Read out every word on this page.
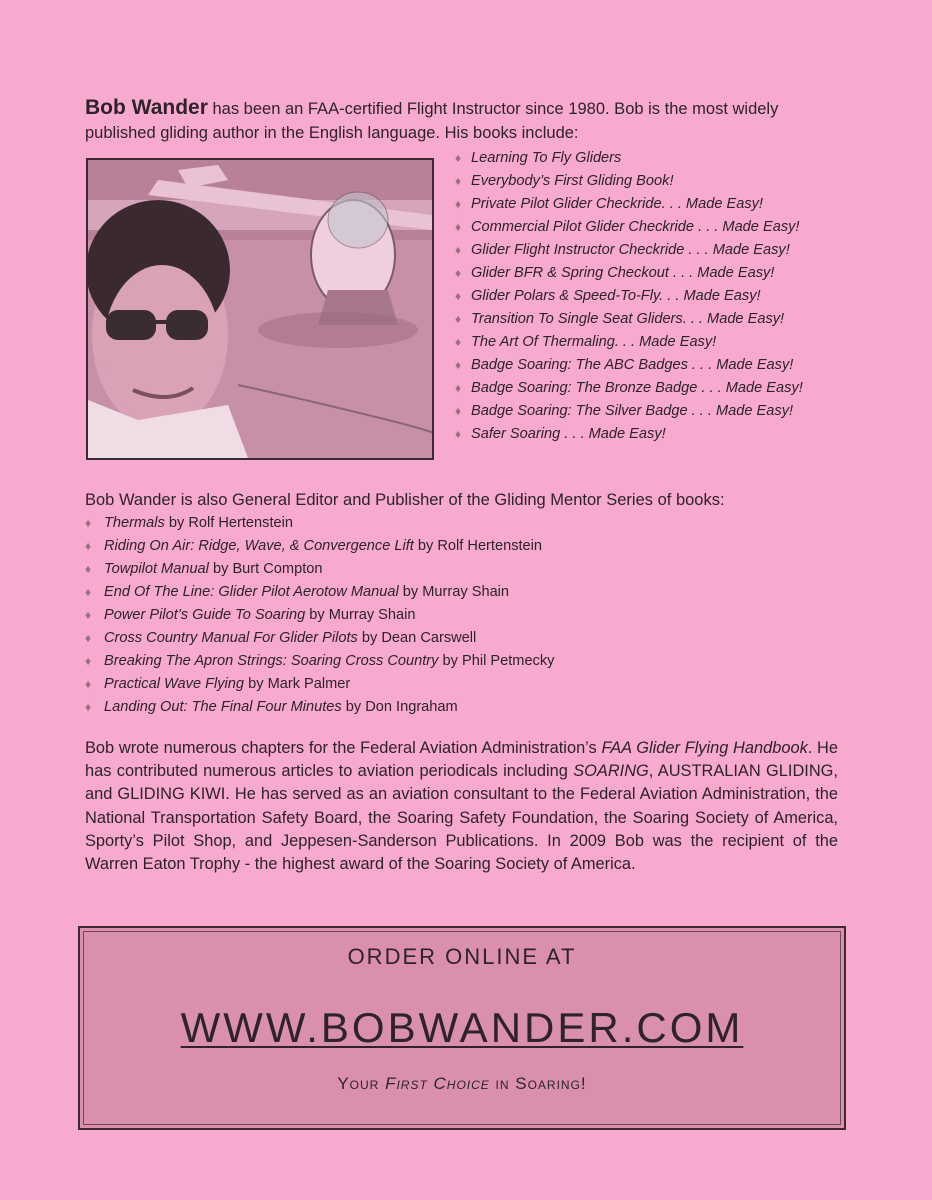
Bob Wander has been an FAA-certified Flight Instructor since 1980. Bob is the most widely published gliding author in the English language. His books include:

♦ Learning To Fly Gliders
♦ Everybody’s First Gliding Book!
♦ Private Pilot Glider Checkride. . . Made Easy!
♦ Commercial Pilot Glider Checkride . . . Made Easy!
♦ Glider Flight Instructor Checkride . . . Made Easy!
♦ Glider BFR & Spring Checkout . . . Made Easy!
♦ Glider Polars & Speed-To-Fly. . . Made Easy!
♦ Transition To Single Seat Gliders. . . Made Easy!
♦ The Art Of Thermaling. . . Made Easy!
♦ Badge Soaring: The ABC Badges . . . Made Easy!
♦ Badge Soaring: The Bronze Badge . . . Made Easy!
♦ Badge Soaring: The Silver Badge . . . Made Easy!
♦ Safer Soaring . . . Made Easy!

Bob Wander is also General Editor and Publisher of the Gliding Mentor Series of books:

♦ Thermals by Rolf Hertenstein
♦ Riding On Air: Ridge, Wave, & Convergence Lift by Rolf Hertenstein
♦ Towpilot Manual by Burt Compton
♦ End Of The Line: Glider Pilot Aerotow Manual by Murray Shain
♦ Power Pilot’s Guide To Soaring by Murray Shain
♦ Cross Country Manual For Glider Pilots by Dean Carswell
♦ Breaking The Apron Strings: Soaring Cross Country by Phil Petmecky
♦ Practical Wave Flying by Mark Palmer
♦ Landing Out: The Final Four Minutes by Don Ingraham

Bob wrote numerous chapters for the Federal Aviation Administration’s FAA Glider Flying Handbook. He has contributed numerous articles to aviation periodicals including SOARING, AUSTRALIAN GLIDING, and GLIDING KIWI. He has served as an aviation consultant to the Federal Aviation Administration, the National Transportation Safety Board, the Soaring Safety Foundation, the Soaring Society of America, Sporty’s Pilot Shop, and Jeppesen-Sanderson Publications. In 2009 Bob was the recipient of the Warren Eaton Trophy - the highest award of the Soaring Society of America.

ORDER ONLINE AT
WWW.BOBWANDER.COM
Your First Choice in Soaring!
